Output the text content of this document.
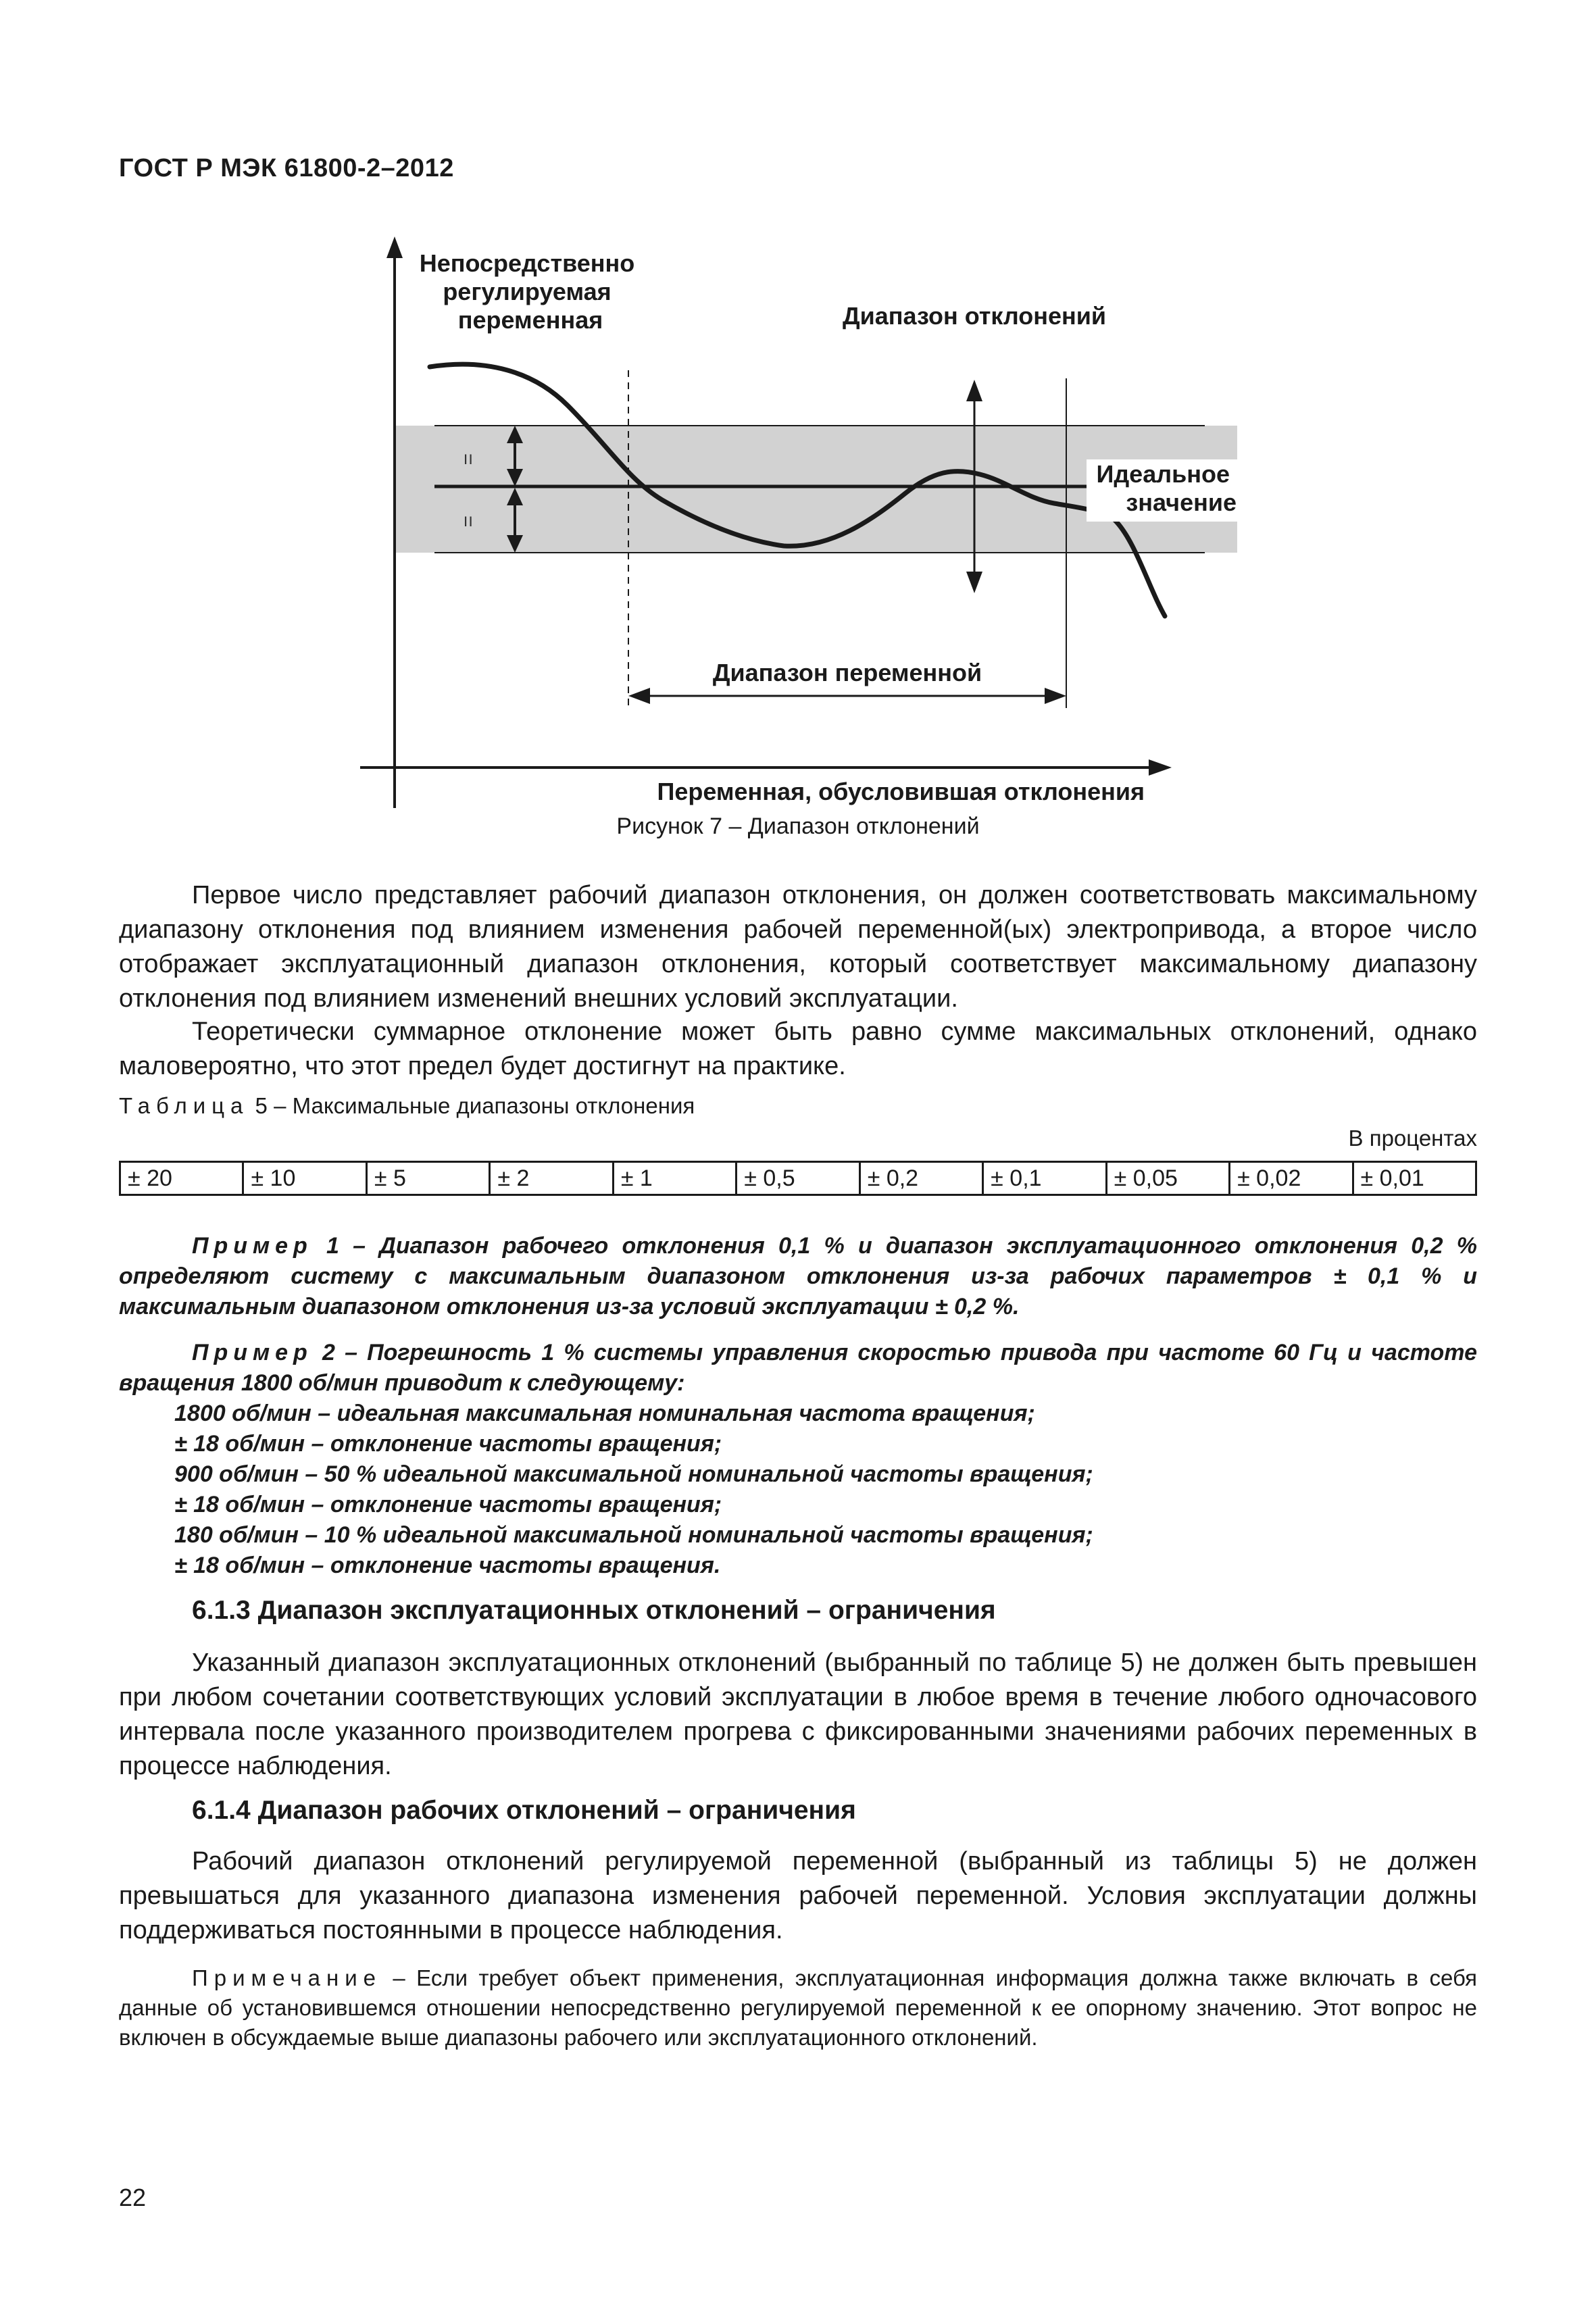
ГОСТ Р МЭК 61800-2–2012
=
=
Непосредственно регулируемая переменная	Диапазон отклонений
Идеальное значение
Диапазон переменной
Переменная, обусловившая отклонения
Рисунок 7 – Диапазон отклонений

Первое число представляет рабочий диапазон отклонения, он должен соответствовать максимальному диапазону отклонения под влиянием изменения рабочей переменной(ых) электропривода, а второе число отображает эксплуатационный диапазон отклонения, который соответствует максимальному диапазону отклонения под влиянием изменений внешних условий эксплуатации.

Теоретически суммарное отклонение может быть равно сумме максимальных отклонений, однако маловероятно, что этот предел будет достигнут на практике.

Таблица 5 – Максимальные диапазоны отклонения
В процентах
± 20	± 10	± 5	± 2	± 1	± 0,5	± 0,2	± 0,1	± 0,05	± 0,02	± 0,01

Пример 1 – Диапазон рабочего отклонения 0,1 % и диапазон эксплуатационного отклонения 0,2 % определяют систему с максимальным диапазоном отклонения из-за рабочих параметров ± 0,1 % и максимальным диапазоном отклонения из-за условий эксплуатации ± 0,2 %.

Пример 2 – Погрешность 1 % системы управления скоростью привода при частоте 60 Гц и частоте вращения 1800 об/мин приводит к следующему:
1800 об/мин – идеальная максимальная номинальная частота вращения;
± 18 об/мин – отклонение частоты вращения;
900 об/мин – 50 % идеальной максимальной номинальной частоты вращения;
± 18 об/мин – отклонение частоты вращения;
180 об/мин – 10 % идеальной максимальной номинальной частоты вращения;
± 18 об/мин – отклонение частоты вращения.
6.1.3 Диапазон эксплуатационных отклонений – ограничения

Указанный диапазон эксплуатационных отклонений (выбранный по таблице 5) не должен быть превышен при любом сочетании соответствующих условий эксплуатации в любое время в течение любого одночасового интервала после указанного производителем прогрева с фиксированными значениями рабочих переменных в процессе наблюдения.

6.1.4 Диапазон рабочих отклонений – ограничения

Рабочий диапазон отклонений регулируемой переменной (выбранный из таблицы 5) не должен превышаться для указанного диапазона изменения рабочей переменной. Условия эксплуатации должны поддерживаться постоянными в процессе наблюдения.

Примечание – Если требует объект применения, эксплуатационная информация должна также включать в себя данные об установившемся отношении непосредственно регулируемой переменной к ее опорному значению. Этот вопрос не включен в обсуждаемые выше диапазоны рабочего или эксплуатационного отклонений.

22
